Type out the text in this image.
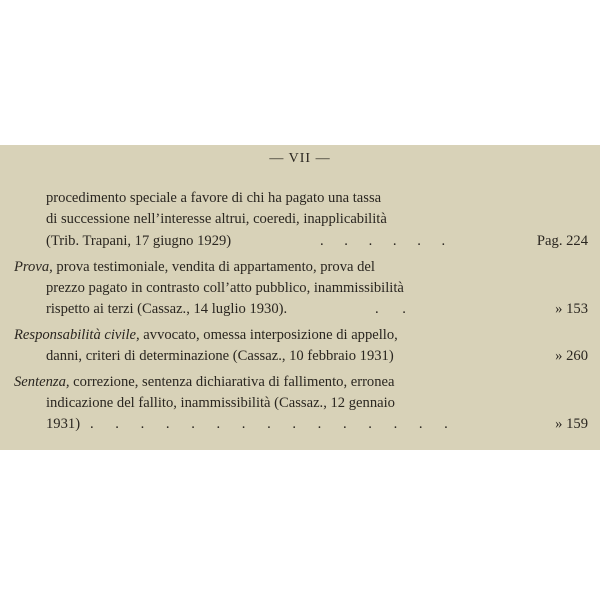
— VII —
procedimento speciale a favore di chi ha pagato una tassa
di successione nell’interesse altrui, coeredi, inapplicabilità
(Trib. Trapani, 17 giugno 1929)	. . . . . .	Pag. 224
Prova, prova testimoniale, vendita di appartamento, prova del
prezzo pagato in contrasto coll’atto pubblico, inammissibilità
rispetto ai terzi (Cassaz., 14 luglio 1930).	. .	» 153
Responsabilità civile, avvocato, omessa interposizione di appello,
danni, criteri di determinazione (Cassaz., 10 febbraio 1931)	» 260
Sentenza, correzione, sentenza dichiarativa di fallimento, erronea
indicazione del fallito, inammissibilità (Cassaz., 12 gennaio
1931) . . . . . . . . . . . . . . .	» 159
